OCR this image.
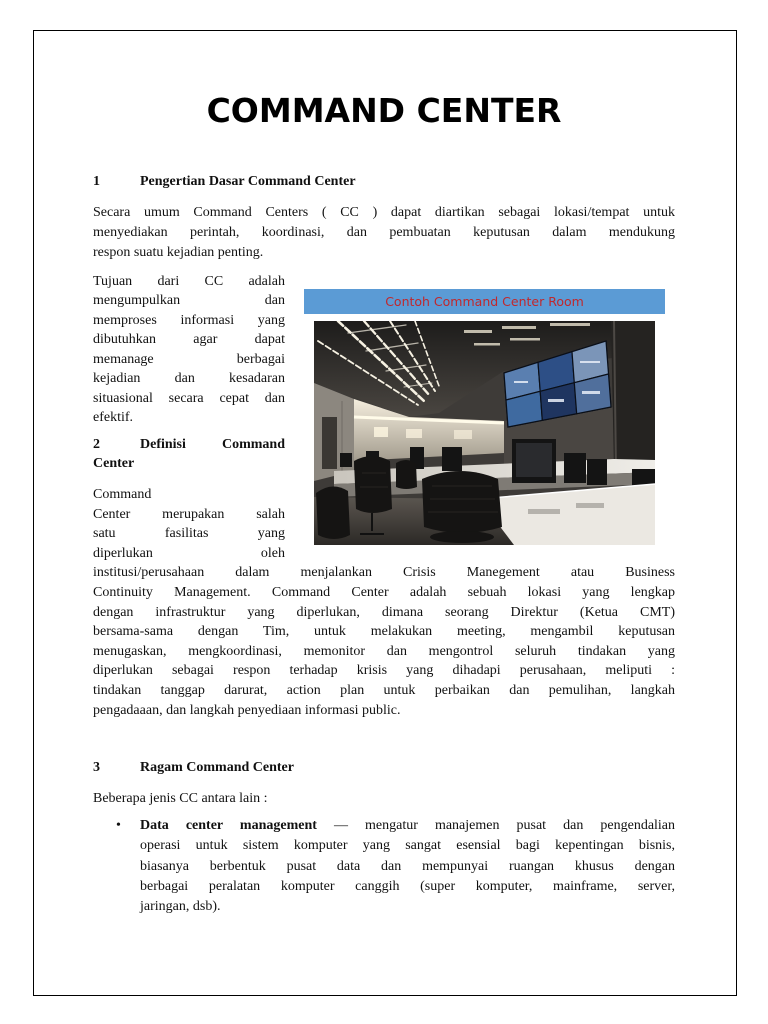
COMMAND CENTER
1	Pengertian Dasar Command Center
Secara umum Command Centers ( CC ) dapat diartikan sebagai lokasi/tempat untuk
menyediakan perintah, koordinasi, dan pembuatan keputusan dalam mendukung
respon suatu kejadian penting.
Tujuan dari CC adalah
mengumpulkan dan
memproses informasi yang
dibutuhkan agar dapat
memanage berbagai
kejadian dan kesadaran
situasional secara cepat dan
efektif.
Contoh Command Center Room
2	Definisi Command
Center
Command
Center merupakan salah
satu fasilitas yang
diperlukan oleh
institusi/perusahaan dalam menjalankan Crisis Manegement atau Business
Continuity Management. Command Center adalah sebuah lokasi yang lengkap
dengan infrastruktur yang diperlukan, dimana seorang Direktur (Ketua CMT)
bersama-sama dengan Tim, untuk melakukan meeting, mengambil keputusan
menugaskan, mengkoordinasi, memonitor dan mengontrol seluruh tindakan yang
diperlukan sebagai respon terhadap krisis yang dihadapi perusahaan, meliputi :
tindakan tanggap darurat, action plan untuk perbaikan dan pemulihan, langkah
pengadaaan, dan langkah penyediaan informasi public.
3	Ragam Command Center
Beberapa jenis CC antara lain :
• Data center management — mengatur manajemen pusat dan pengendalian
operasi untuk sistem komputer yang sangat esensial bagi kepentingan bisnis,
biasanya berbentuk pusat data dan mempunyai ruangan khusus dengan
berbagai peralatan komputer canggih (super komputer, mainframe, server,
jaringan, dsb).
